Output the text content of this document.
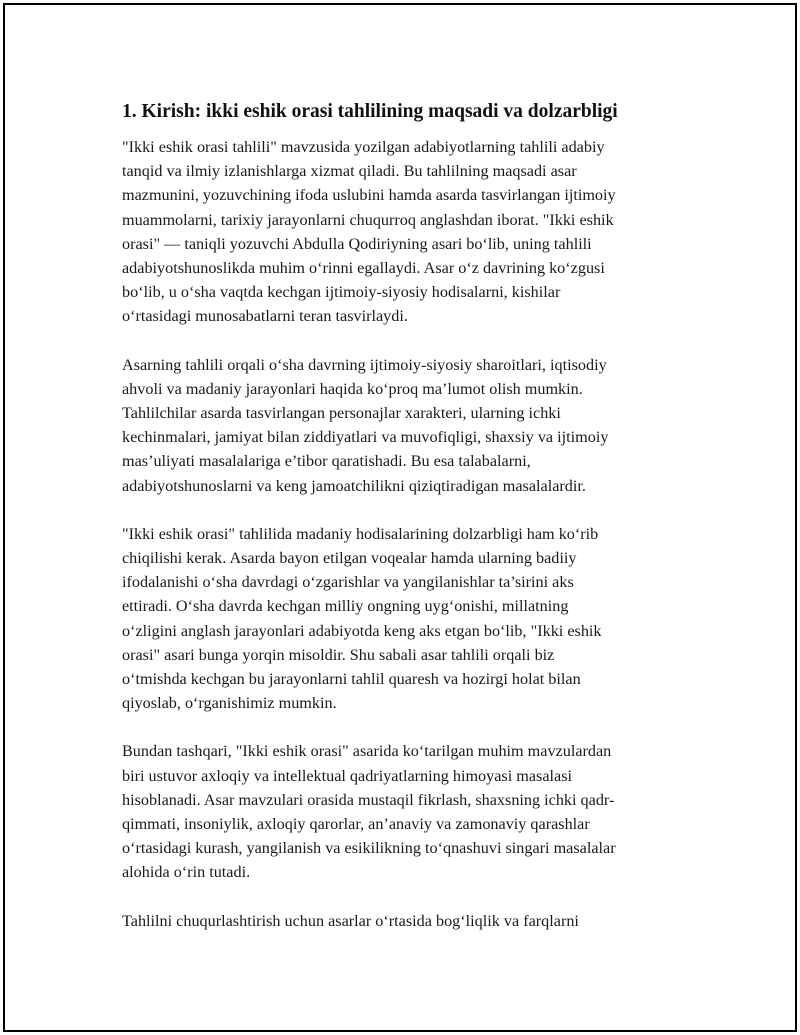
1. Kirish: ikki eshik orasi tahlilining maqsadi va dolzarbligi

"Ikki eshik orasi tahlili" mavzusida yozilgan adabiyotlarning tahlili adabiy
tanqid va ilmiy izlanishlarga xizmat qiladi. Bu tahlilning maqsadi asar
mazmunini, yozuvchining ifoda uslubini hamda asarda tasvirlangan ijtimoiy
muammolarni, tarixiy jarayonlarni chuqurroq anglashdan iborat. "Ikki eshik
orasi" — taniqli yozuvchi Abdulla Qodiriyning asari bo‘lib, uning tahlili
adabiyotshunoslikda muhim o‘rinni egallaydi. Asar o‘z davrining ko‘zgusi
bo‘lib, u o‘sha vaqtda kechgan ijtimoiy-siyosiy hodisalarni, kishilar
o‘rtasidagi munosabatlarni teran tasvirlaydi.

Asarning tahlili orqali o‘sha davrning ijtimoiy-siyosiy sharoitlari, iqtisodiy
ahvoli va madaniy jarayonlari haqida ko‘proq ma’lumot olish mumkin.
Tahlilchilar asarda tasvirlangan personajlar xarakteri, ularning ichki
kechinmalari, jamiyat bilan ziddiyatlari va muvofiqligi, shaxsiy va ijtimoiy
mas’uliyati masalalariga e’tibor qaratishadi. Bu esa talabalarni,
adabiyotshunoslarni va keng jamoatchilikni qiziqtiradigan masalalardir.

"Ikki eshik orasi" tahlilida madaniy hodisalarining dolzarbligi ham ko‘rib
chiqilishi kerak. Asarda bayon etilgan voqealar hamda ularning badiiy
ifodalanishi o‘sha davrdagi o‘zgarishlar va yangilanishlar ta’sirini aks
ettiradi. O‘sha davrda kechgan milliy ongning uyg‘onishi, millatning
o‘zligini anglash jarayonlari adabiyotda keng aks etgan bo‘lib, "Ikki eshik
orasi" asari bunga yorqin misoldir. Shu sabali asar tahlili orqali biz
o‘tmishda kechgan bu jarayonlarni tahlil quaresh va hozirgi holat bilan
qiyoslab, o‘rganishimiz mumkin.

Bundan tashqari, "Ikki eshik orasi" asarida ko‘tarilgan muhim mavzulardan
biri ustuvor axloqiy va intellektual qadriyatlarning himoyasi masalasi
hisoblanadi. Asar mavzulari orasida mustaqil fikrlash, shaxsning ichki qadr-
qimmati, insoniylik, axloqiy qarorlar, an’anaviy va zamonaviy qarashlar
o‘rtasidagi kurash, yangilanish va esikilikning to‘qnashuvi singari masalalar
alohida o‘rin tutadi.

Tahlilni chuqurlashtirish uchun asarlar o‘rtasida bog‘liqlik va farqlarni
